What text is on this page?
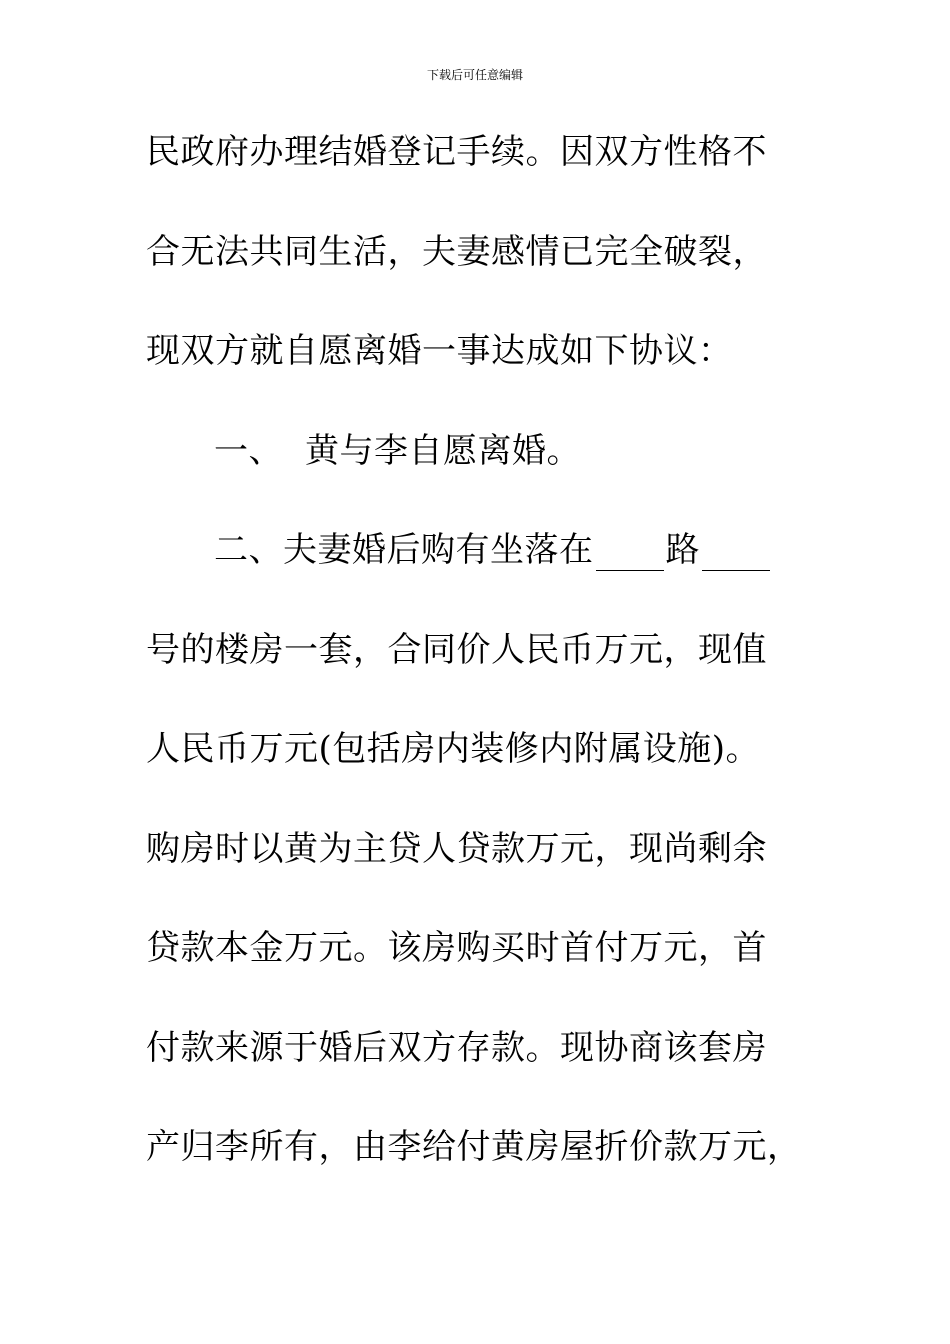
下载后可任意编辑
民政府办理结婚登记手续。因双方性格不
合无法共同生活，夫妻感情已完全破裂，
现双方就自愿离婚一事达成如下协议：
一、 黄与李自愿离婚。
二、夫妻婚后购有坐落在 路
号的楼房一套，合同价人民币万元，现值
人民币万元(包括房内装修内附属设施)。
购房时以黄为主贷人贷款万元，现尚剩余
贷款本金万元。该房购买时首付万元，首
付款来源于婚后双方存款。现协商该套房
产归李所有，由李给付黄房屋折价款万元，
